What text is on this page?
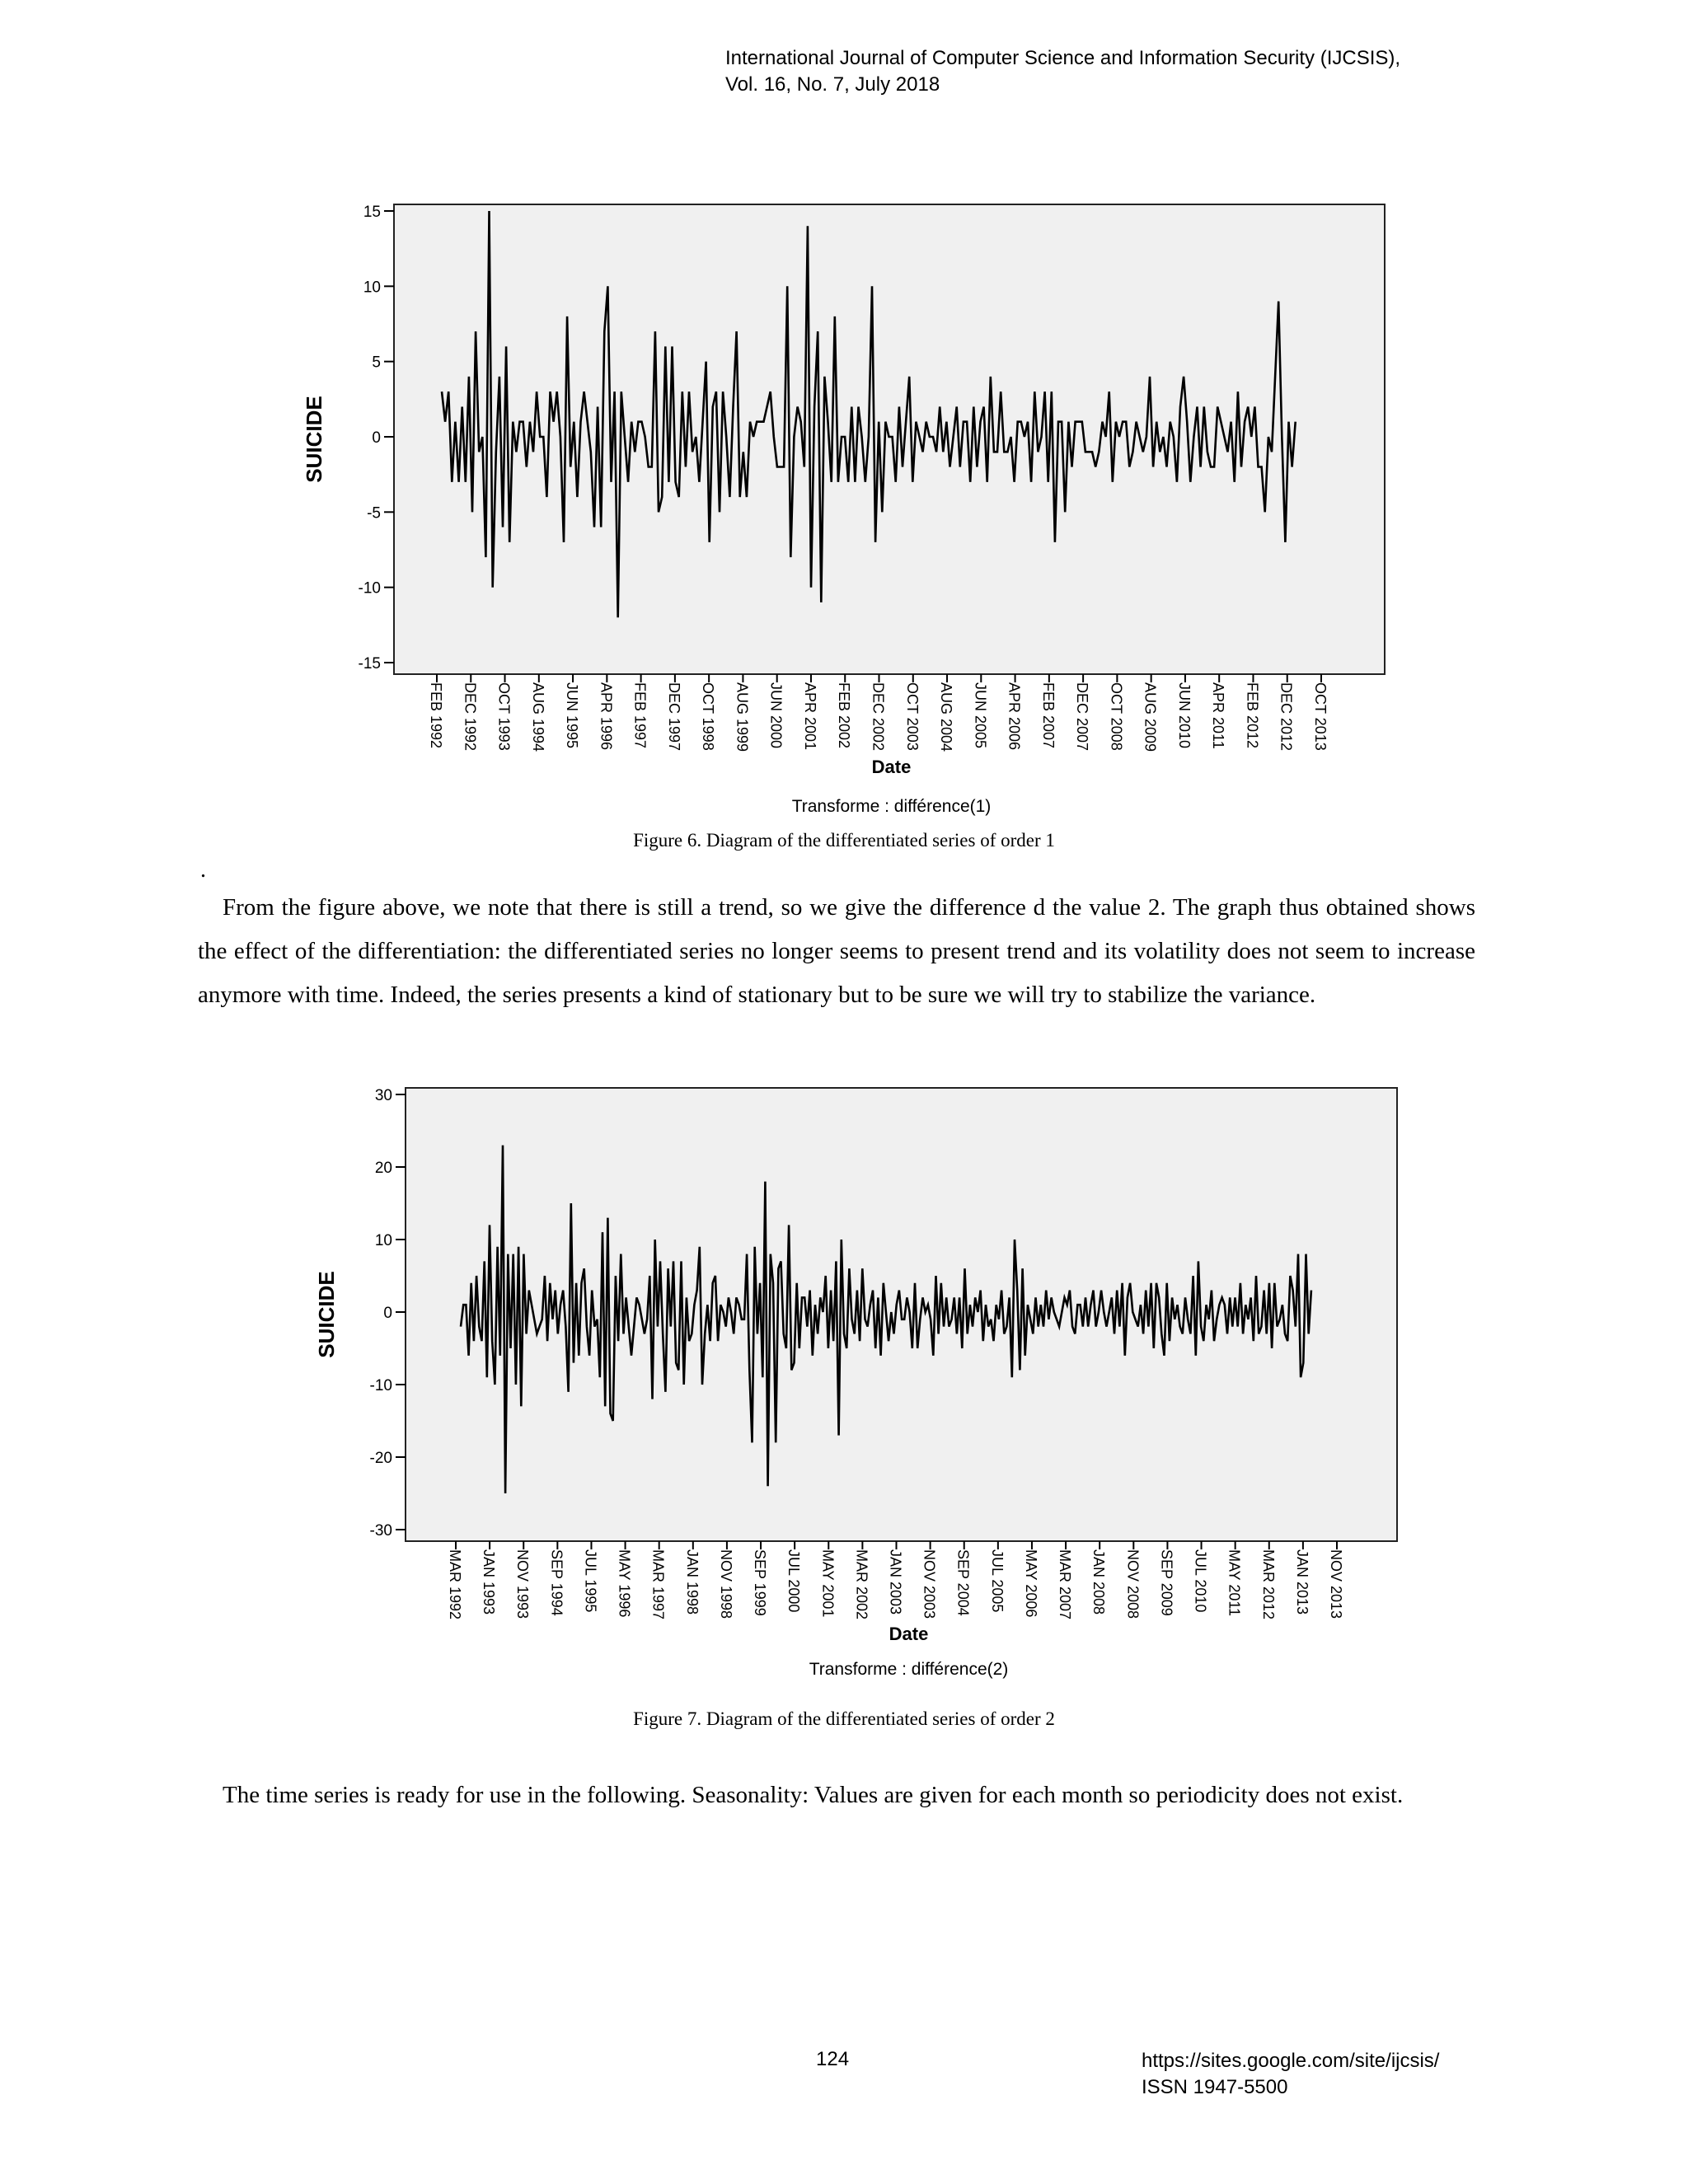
International Journal of Computer Science and Information Security (IJCSIS),
Vol. 16, No. 7, July 2018
15
10
5
0
-5
-10
-15
FEB 1992 DEC 1992 OCT 1993 AUG 1994 JUN 1995 APR 1996 FEB 1997 DEC 1997 OCT 1998 AUG 1999 JUN 2000 APR 2001 FEB 2002 DEC 2002 OCT 2003 AUG 2004 JUN 2005 APR 2006 FEB 2007 DEC 2007 OCT 2008 AUG 2009 JUN 2010 APR 2011 FEB 2012 DEC 2012 OCT 2013
SUICIDE
Date
Transforme : différence(1)
Figure 6. Diagram of the differentiated series of order 1
.

From the figure above, we note that there is still a trend, so we give the difference d the value 2. The graph thus obtained shows the effect of the differentiation: the differentiated series no longer seems to present trend and its volatility does not seem to increase anymore with time. Indeed, the series presents a kind of stationary but to be sure we will try to stabilize the variance.

30
20
10
0
-10
-20
-30
MAR 1992 JAN 1993 NOV 1993 SEP 1994 JUL 1995 MAY 1996 MAR 1997 JAN 1998 NOV 1998 SEP 1999 JUL 2000 MAY 2001 MAR 2002 JAN 2003 NOV 2003 SEP 2004 JUL 2005 MAY 2006 MAR 2007 JAN 2008 NOV 2008 SEP 2009 JUL 2010 MAY 2011 MAR 2012 JAN 2013 NOV 2013
SUICIDE
Date
Transforme : différence(2)
Figure 7. Diagram of the differentiated series of order 2

The time series is ready for use in the following. Seasonality: Values are given for each month so periodicity does not exist.

124	https://sites.google.com/site/ijcsis/
ISSN 1947-5500
